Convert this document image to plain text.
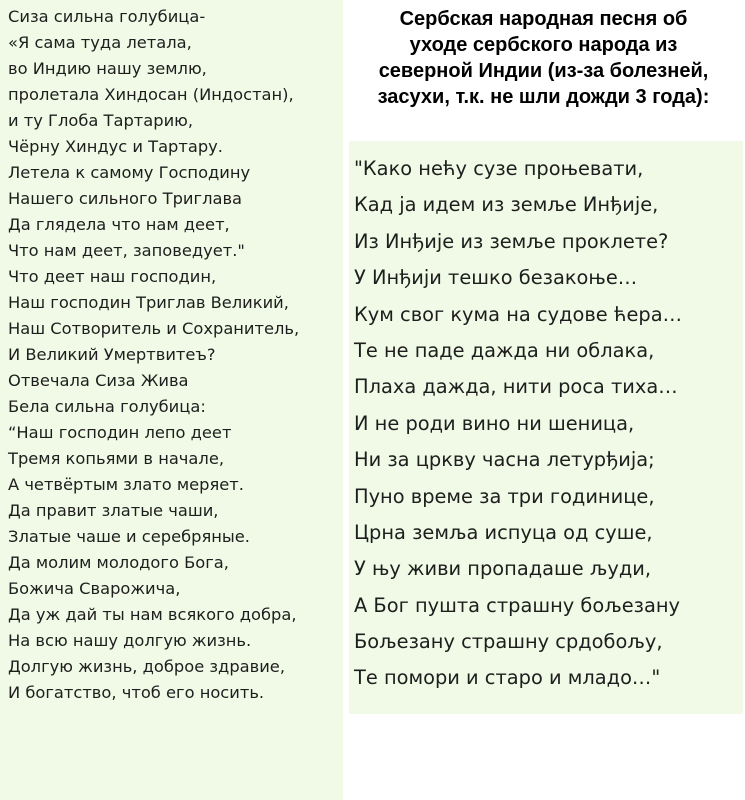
Сиза сильна голубица-
«Я сама туда летала,
во Индию нашу землю,
пролетала Хиндосан (Индостан),
и ту Глоба Тартарию,
Чёрну Хиндус и Тартару.
Летела к самому Господину
Нашего сильного Триглава
Да глядела что нам деет,
Что нам деет, заповедует."
Что деет наш господин,
Наш господин Триглав Великий,
Наш Сотворитель и Сохранитель,
И Великий Умертвитеъ?
Отвечала Сиза Жива
Бела сильна голубица:
“Наш господин лепо деет
Тремя копьями в начале,
А четвёртым злато меряет.
Да правит златые чаши,
Златые чаше и серебряные.
Да молим молодого Бога,
Божича Сварожича,
Да уж дай ты нам всякого добра,
На всю нашу долгую жизнь.
Долгую жизнь, доброе здравие,
И богатство, чтоб его носить.
Сербская народная песня об
уходе сербского народа из
северной Индии (из-за болезней,
засухи, т.к. не шли дожди 3 года):
"Како нећу сузе проњевати,
Кад ја идем из земље Инђије,
Из Инђије из земље проклете?
У Инђији тешко безакоње…
Кум свог кума на судове ћера…
Те не паде дажда ни облака,
Плаха дажда, нити роса тиха…
И не роди вино ни шеница,
Ни за цркву часна летурђија;
Пуно време за три годинице,
Црна земља испуца од суше,
У њу живи пропадаше људи,
А Бог пушта страшну бољезану
Бољезану страшну срдобољу,
Те помори и старо и младо…"
